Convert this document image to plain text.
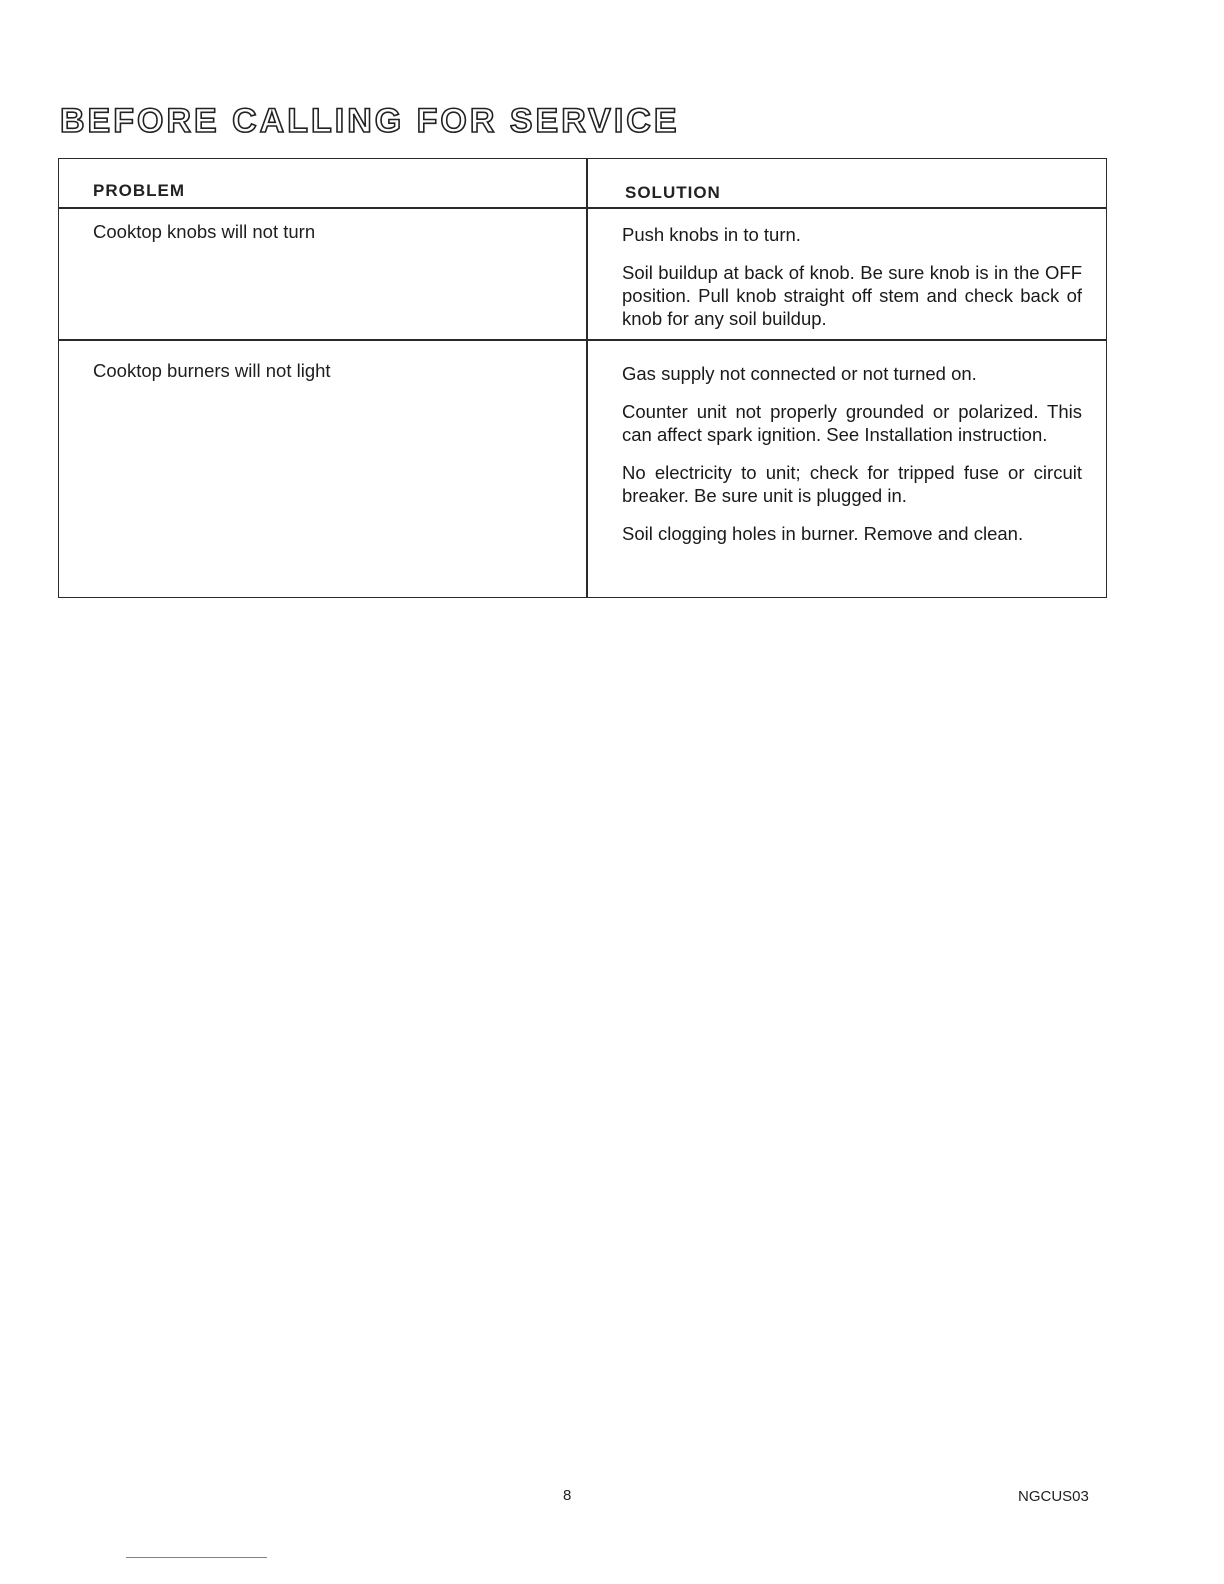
BEFORE CALLING FOR SERVICE
PROBLEM	SOLUTION
Cooktop knobs will not turn	Push knobs in to turn.

Soil buildup at back of knob. Be sure knob is in the OFF position. Pull knob straight off stem and check back of knob for any soil buildup.

Cooktop burners will not light	Gas supply not connected or not turned on.

Counter unit not properly grounded or polarized. This can affect spark ignition. See Installation instruction.

No electricity to unit; check for tripped fuse or circuit breaker. Be sure unit is plugged in.

Soil clogging holes in burner. Remove and clean.

8	NGCUS03
